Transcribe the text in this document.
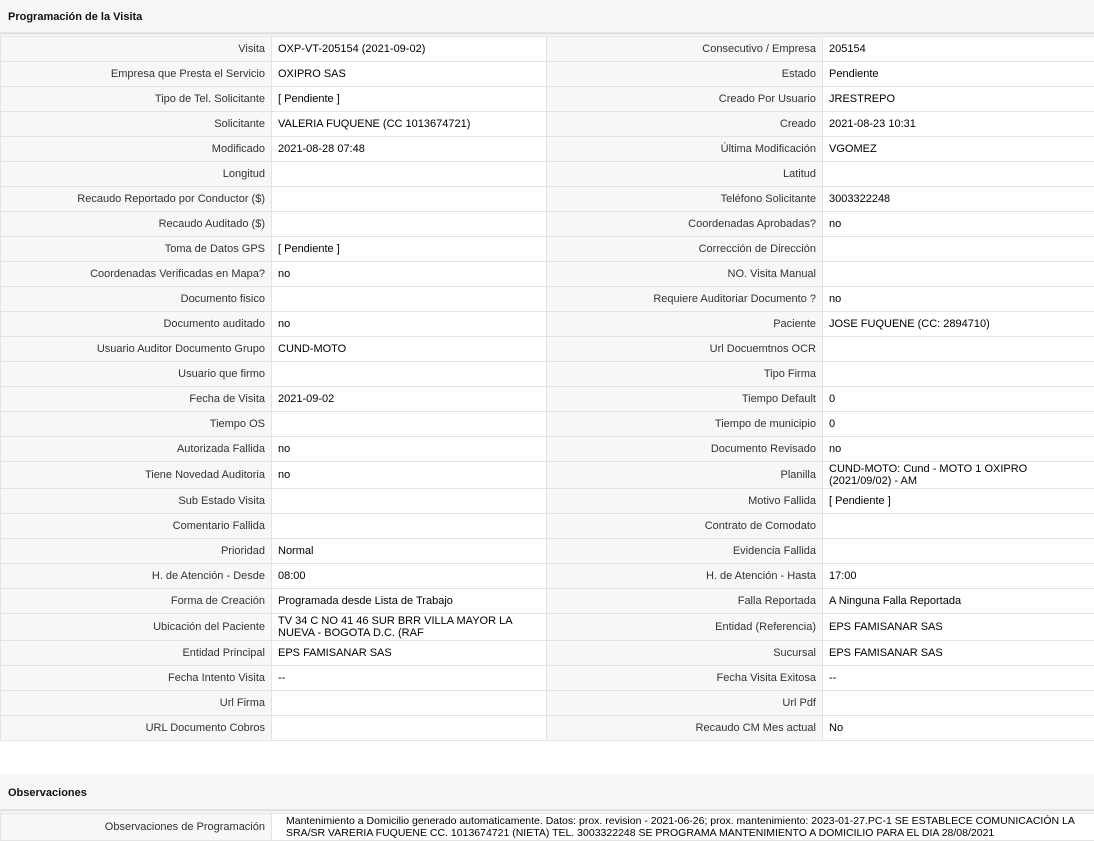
Programación de la Visita
Visita	OXP-VT-205154 (2021-09-02)	Consecutivo / Empresa	205154
Empresa que Presta el Servicio	OXIPRO SAS	Estado	Pendiente
Tipo de Tel. Solicitante	[ Pendiente ]	Creado Por Usuario	JRESTREPO
Solicitante	VALERIA FUQUENE (CC 1013674721)	Creado	2021-08-23 10:31
Modificado	2021-08-28 07:48	Última Modificación	VGOMEZ
Longitud		Latitud	
Recaudo Reportado por Conductor ($)		Teléfono Solicitante	3003322248
Recaudo Auditado ($)		Coordenadas Aprobadas?	no
Toma de Datos GPS	[ Pendiente ]	Corrección de Dirección	
Coordenadas Verificadas en Mapa?	no	NO. Visita Manual	
Documento fisico		Requiere Auditoriar Documento ?	no
Documento auditado	no	Paciente	JOSE FUQUENE (CC: 2894710)
Usuario Auditor Documento Grupo	CUND-MOTO	Url Docuemtnos OCR	
Usuario que firmo		Tipo Firma	
Fecha de Visita	2021-09-02	Tiempo Default	0
Tiempo OS		Tiempo de municipio	0
Autorizada Fallida	no	Documento Revisado	no
Tiene Novedad Auditoria	no	Planilla	CUND-MOTO: Cund - MOTO 1 OXIPRO (2021/09/02) - AM
Sub Estado Visita		Motivo Fallida	[ Pendiente ]
Comentario Fallida		Contrato de Comodato	
Prioridad	Normal	Evidencia Fallida	
H. de Atención - Desde	08:00	H. de Atención - Hasta	17:00
Forma de Creación	Programada desde Lista de Trabajo	Falla Reportada	A Ninguna Falla Reportada
Ubicación del Paciente	TV 34 C NO 41 46 SUR BRR VILLA MAYOR LA NUEVA - BOGOTA D.C. (RAF	Entidad (Referencia)	EPS FAMISANAR SAS
Entidad Principal	EPS FAMISANAR SAS	Sucursal	EPS FAMISANAR SAS
Fecha Intento Visita	--	Fecha Visita Exitosa	--
Url Firma		Url Pdf	
URL Documento Cobros		Recaudo CM Mes actual	No
Observaciones
Observaciones de Programación	Mantenimiento a Domicilio generado automaticamente. Datos: prox. revision - 2021-06-26; prox. mantenimiento: 2023-01-27.PC-1 SE ESTABLECE COMUNICACIÓN LA SRA/SR VARERIA FUQUENE CC. 1013674721 (NIETA) TEL. 3003322248 SE PROGRAMA MANTENIMIENTO A DOMICILIO PARA EL DIA 28/08/2021
